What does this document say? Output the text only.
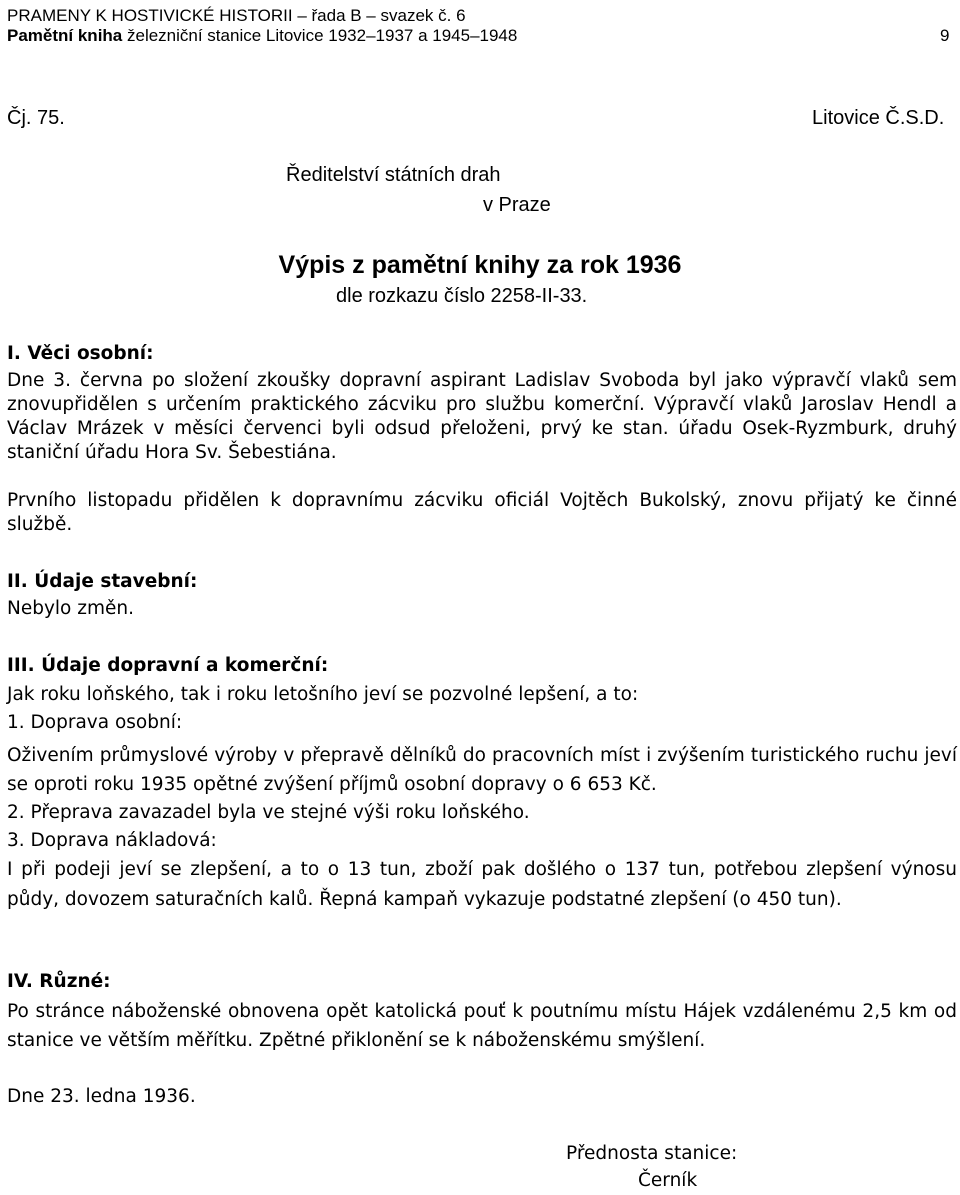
PRAMENY K HOSTIVICKÉ HISTORII – řada B – svazek č. 6
Pamětní kniha železniční stanice Litovice 1932–1937 a 1945–1948	9
Čj. 75.	Litovice Č.S.D.
Ředitelství státních drah
v Praze
Výpis z pamětní knihy za rok 1936
dle rozkazu číslo 2258-II-33.
I. Věci osobní:
Dne 3. června po složení zkoušky dopravní aspirant Ladislav Svoboda byl jako výpravčí vlaků sem znovupřidělen s určením praktického zácviku pro službu komerční. Výpravčí vlaků Jaroslav Hendl a Václav Mrázek v měsíci červenci byli odsud přeloženi, prvý ke stan. úřadu Osek-Ryzmburk, druhý staniční úřadu Hora Sv. Šebestiána.
Prvního listopadu přidělen k dopravnímu zácviku oficiál Vojtěch Bukolský, znovu přijatý ke činné službě.
II. Údaje stavební:
Nebylo změn.
III. Údaje dopravní a komerční:
Jak roku loňského, tak i roku letošního jeví se pozvolné lepšení, a to:
1. Doprava osobní:
Oživením průmyslové výroby v přepravě dělníků do pracovních míst i zvýšením turistického ruchu jeví se oproti roku 1935 opětné zvýšení příjmů osobní dopravy o 6 653 Kč.
2. Přeprava zavazadel byla ve stejné výši roku loňského.
3. Doprava nákladová:
I při podeji jeví se zlepšení, a to o 13 tun, zboží pak došlého o 137 tun, potřebou zlepšení výnosu půdy, dovozem saturačních kalů. Řepná kampaň vykazuje podstatné zlepšení (o 450 tun).
IV. Různé:
Po stránce náboženské obnovena opět katolická pouť k poutnímu místu Hájek vzdálenému 2,5 km od stanice ve větším měřítku. Zpětné přiklonění se k náboženskému smýšlení.
Dne 23. ledna 1936.
Přednosta stanice:
Černík
